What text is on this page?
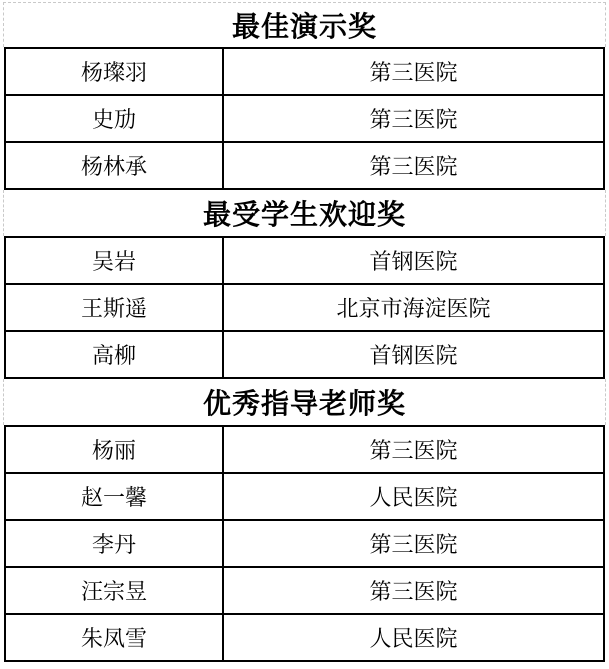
最佳演示奖
杨璨羽	第三医院
史劢	第三医院
杨林承	第三医院
最受学生欢迎奖
吴岩	首钢医院
王斯遥	北京市海淀医院
高柳	首钢医院
优秀指导老师奖
杨丽	第三医院
赵一馨	人民医院
李丹	第三医院
汪宗昱	第三医院
朱凤雪	人民医院
